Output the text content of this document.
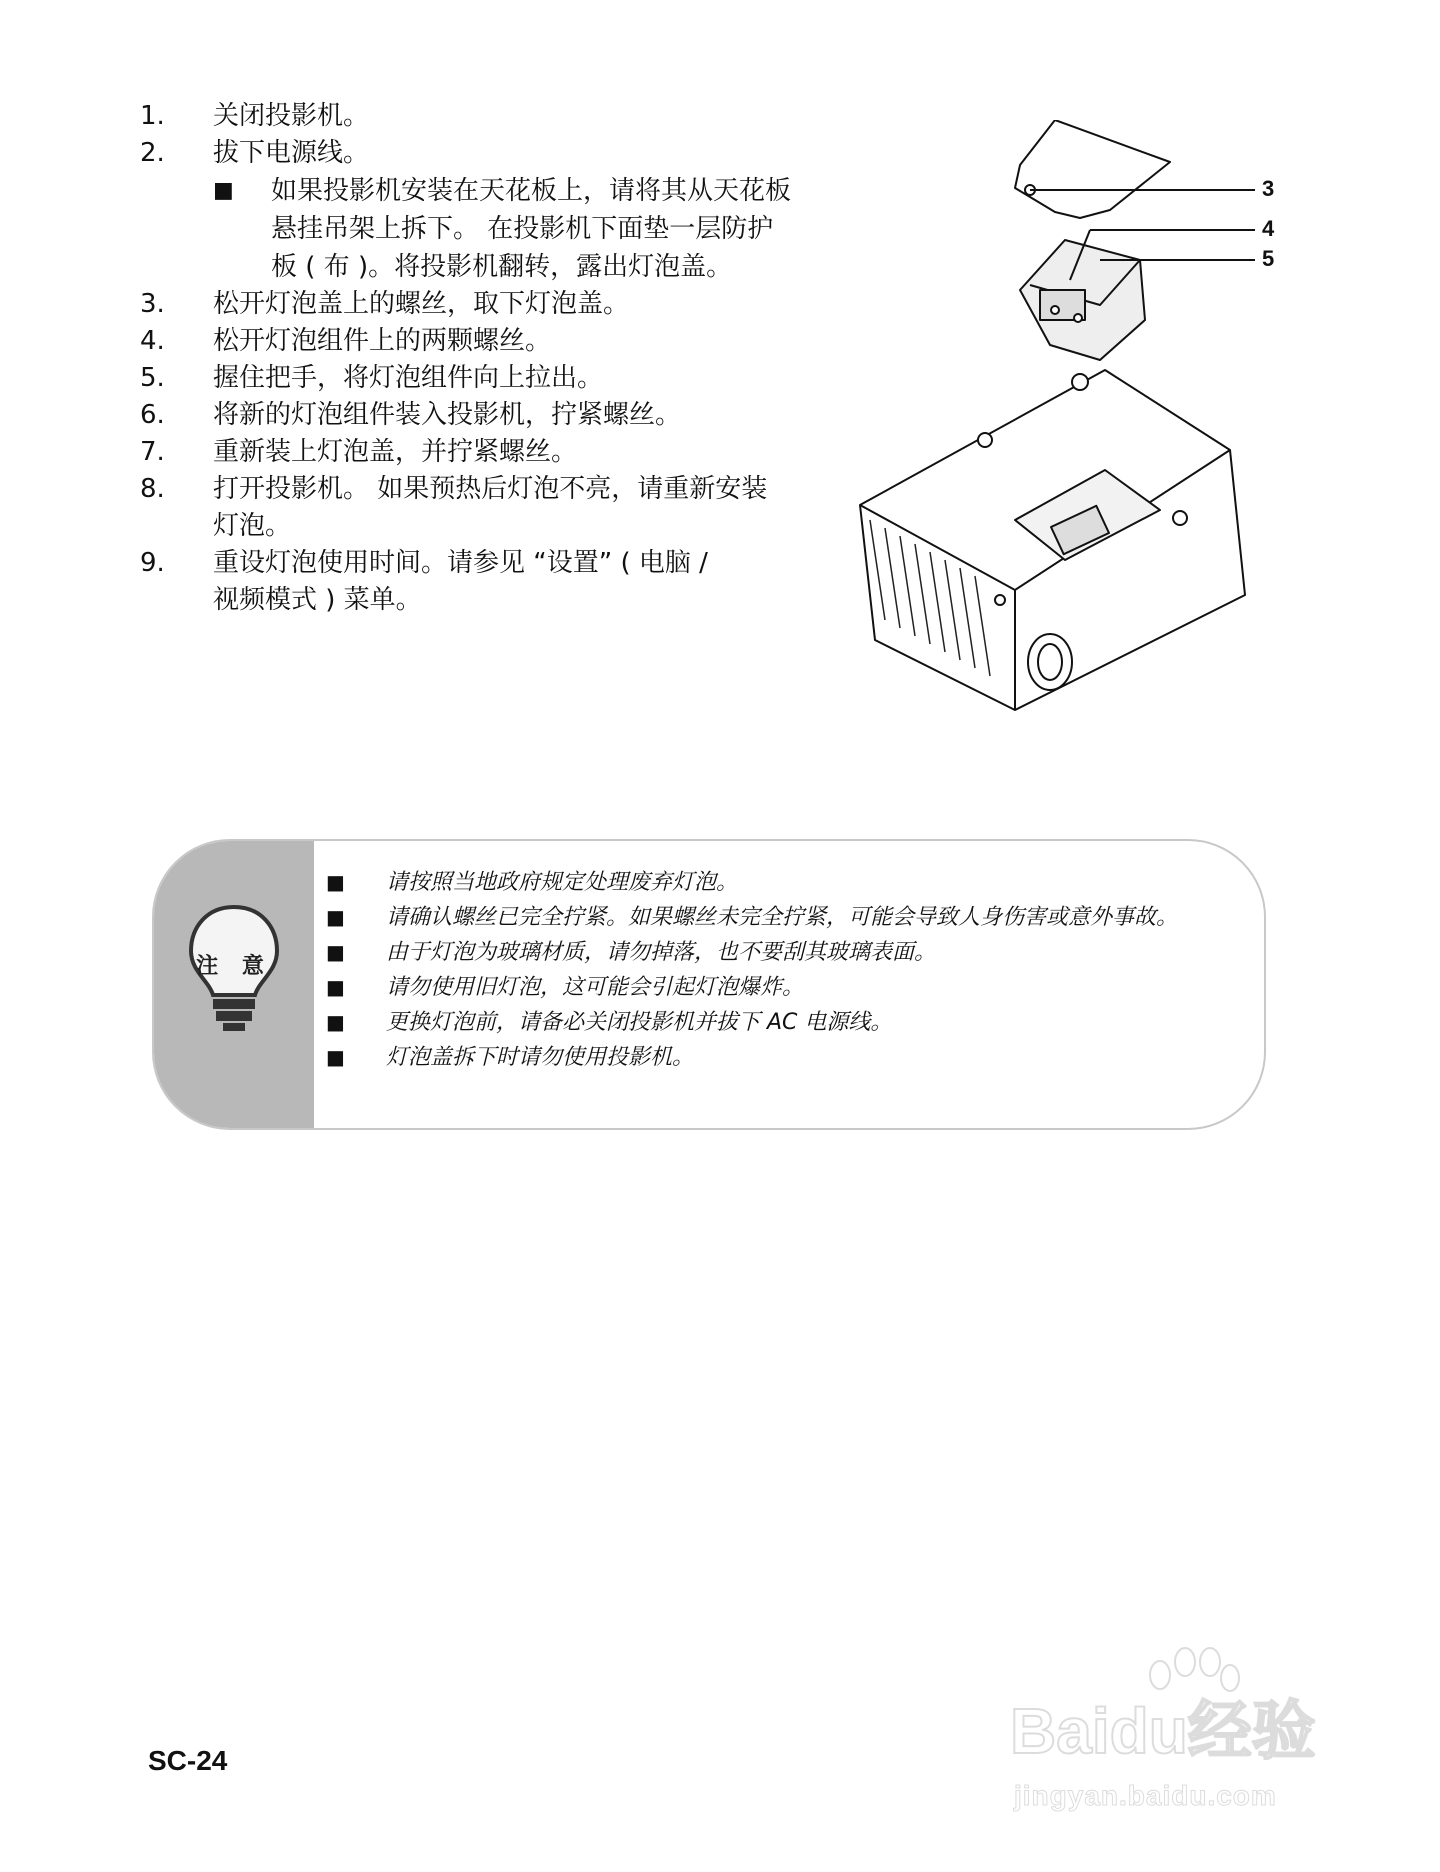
1.	关闭投影机。
2.	拔下电源线。
■	如果投影机安装在天花板上，请将其从天花板悬挂吊架上拆下。 在投影机下面垫一层防护板 ( 布 )。将投影机翻转，露出灯泡盖。
3.	松开灯泡盖上的螺丝，取下灯泡盖。
4.	松开灯泡组件上的两颗螺丝。
5.	握住把手，将灯泡组件向上拉出。
6.	将新的灯泡组件装入投影机，拧紧螺丝。
7.	重新装上灯泡盖，并拧紧螺丝。
8.	打开投影机。 如果预热后灯泡不亮，请重新安装灯泡。
9.	重设灯泡使用时间。请参见 “设置” ( 电脑 / 视频模式 ) 菜单。
3
4
5
注 意
■	请按照当地政府规定处理废弃灯泡。
■	请确认螺丝已完全拧紧。如果螺丝未完全拧紧，可能会导致人身伤害或意外事故。
■	由于灯泡为玻璃材质，请勿掉落，也不要刮其玻璃表面。
■	请勿使用旧灯泡，这可能会引起灯泡爆炸。
■	更换灯泡前，请备必关闭投影机并拔下 AC 电源线。
■	灯泡盖拆下时请勿使用投影机。
SC-24	Baidu经验
jingyan.baidu.com
